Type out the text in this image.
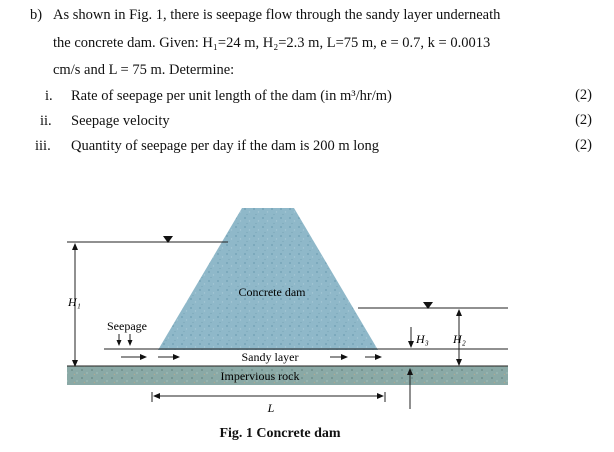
b) As shown in Fig. 1, there is seepage flow through the sandy layer underneath
the concrete dam. Given: H₁=24 m, H₂=2.3 m, L=75 m, e = 0.7, k = 0.0013
cm/s and L = 75 m. Determine:
i. Rate of seepage per unit length of the dam (in m³/hr/m)	(2)
ii. Seepage velocity	(2)
iii. Quantity of seepage per day if the dam is 200 m long	(2)
H₁
Seepage
Concrete dam
Sandy layer
Impervious rock
H₃ H₂
L
Fig. 1 Concrete dam
